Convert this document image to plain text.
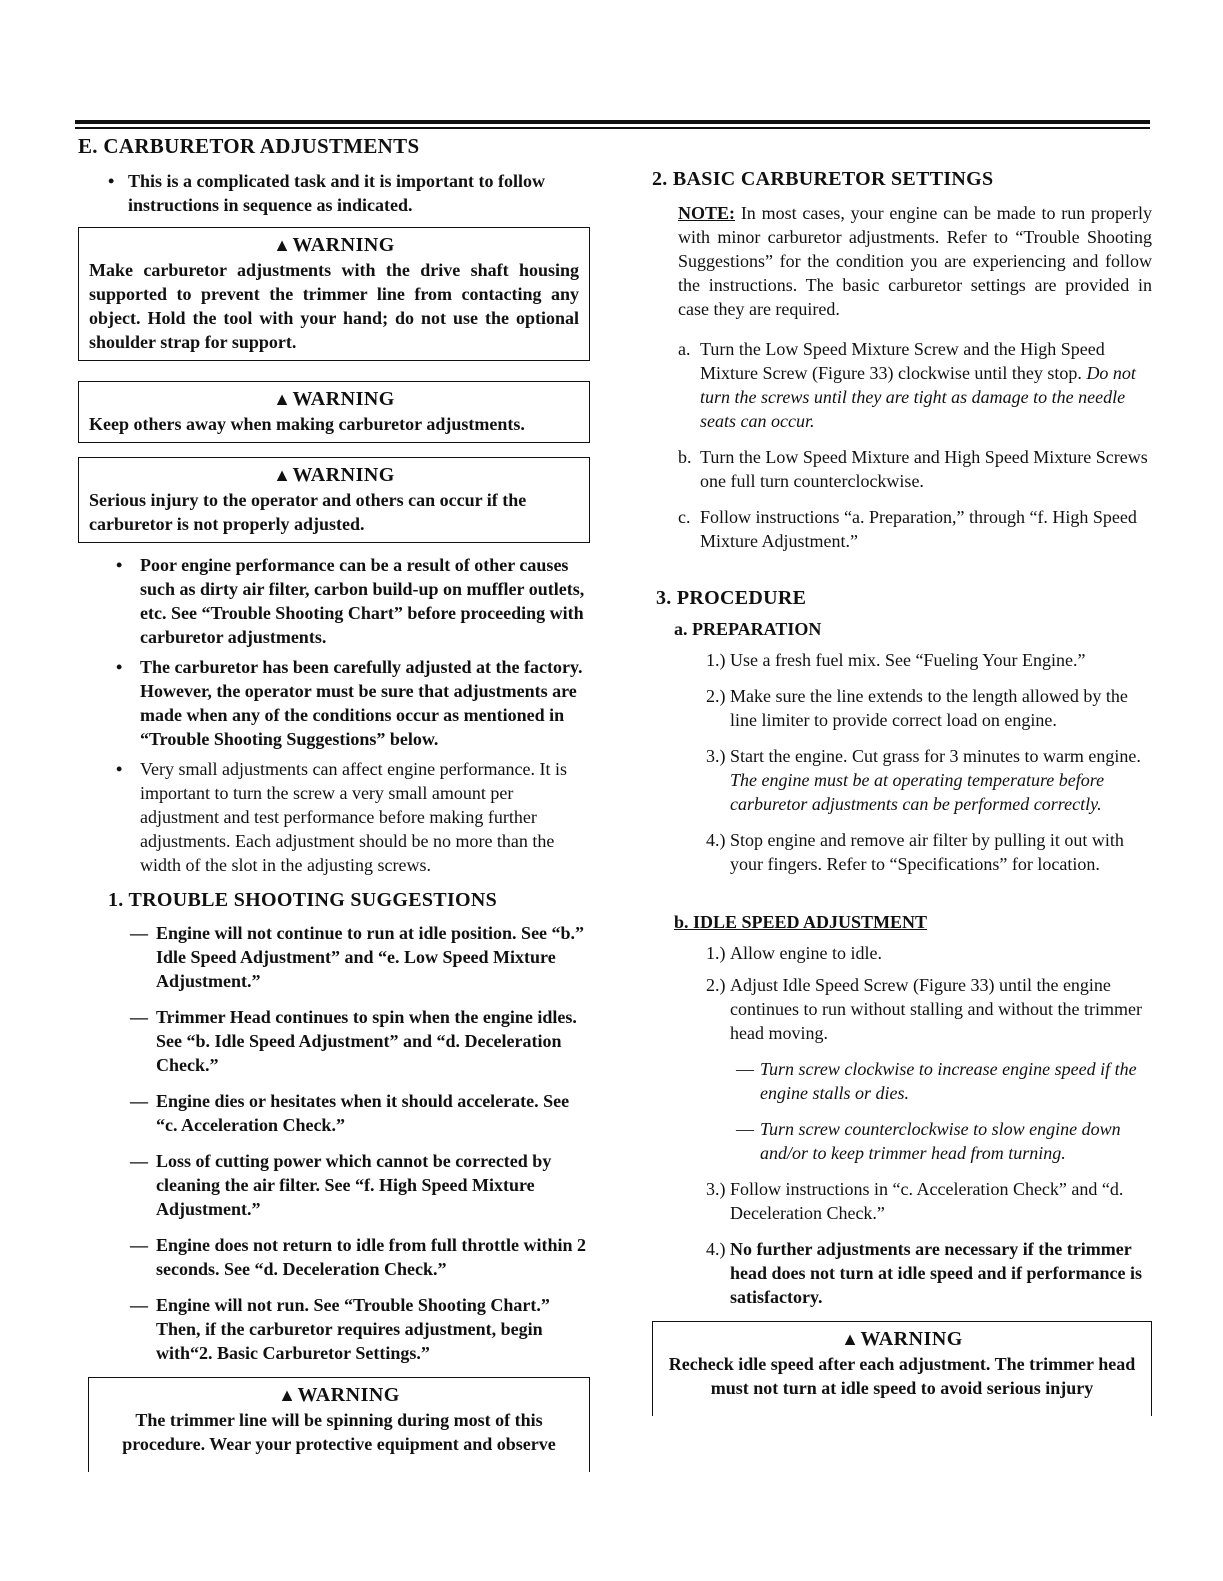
E. CARBURETOR ADJUSTMENTS
• This is a complicated task and it is important to follow instructions in sequence as indicated.
▲WARNING

Make carburetor adjustments with the drive shaft housing supported to prevent the trimmer line from contacting any object. Hold the tool with your hand; do not use the optional shoulder strap for support.

▲WARNING

Keep others away when making carburetor adjustments.

▲WARNING

Serious injury to the operator and others can occur if the carburetor is not properly adjusted.

• Poor engine performance can be a result of other causes such as dirty air filter, carbon build-up on muffler outlets, etc. See “Trouble Shooting Chart” before proceeding with carburetor adjustments.
• The carburetor has been carefully adjusted at the factory. However, the operator must be sure that adjustments are made when any of the conditions occur as mentioned in “Trouble Shooting Suggestions” below.
• Very small adjustments can affect engine performance. It is important to turn the screw a very small amount per adjustment and test performance before making further adjustments. Each adjustment should be no more than the width of the slot in the adjusting screws.
1. TROUBLE SHOOTING SUGGESTIONS
— Engine will not continue to run at idle position. See “b.” Idle Speed Adjustment” and “e. Low Speed Mixture Adjustment.”
— Trimmer Head continues to spin when the engine idles. See “b. Idle Speed Adjustment” and “d. Deceleration Check.”
— Engine dies or hesitates when it should accelerate. See “c. Acceleration Check.”
— Loss of cutting power which cannot be corrected by cleaning the air filter. See “f. High Speed Mixture Adjustment.”
— Engine does not return to idle from full throttle within 2 seconds. See “d. Deceleration Check.”
— Engine will not run. See “Trouble Shooting Chart.” Then, if the carburetor requires adjustment, begin with“2. Basic Carburetor Settings.”
▲WARNING

The trimmer line will be spinning during most of this procedure. Wear your protective equipment and observe

2. BASIC CARBURETOR SETTINGS

NOTE: In most cases, your engine can be made to run properly with minor carburetor adjustments. Refer to “Trouble Shooting Suggestions” for the condition you are experiencing and follow the instructions. The basic carburetor settings are provided in case they are required.

a. Turn the Low Speed Mixture Screw and the High Speed Mixture Screw (Figure 33) clockwise until they stop. Do not turn the screws until they are tight as damage to the needle seats can occur.
b. Turn the Low Speed Mixture and High Speed Mixture Screws one full turn counterclockwise.
c. Follow instructions “a. Preparation,” through “f. High Speed Mixture Adjustment.”
3. PROCEDURE
a. PREPARATION
1.) Use a fresh fuel mix. See “Fueling Your Engine.”
2.) Make sure the line extends to the length allowed by the line limiter to provide correct load on engine.
3.) Start the engine. Cut grass for 3 minutes to warm engine. The engine must be at operating temperature before carburetor adjustments can be performed correctly.
4.) Stop engine and remove air filter by pulling it out with your fingers. Refer to “Specifications” for location.
b. IDLE SPEED ADJUSTMENT
1.) Allow engine to idle.
2.) Adjust Idle Speed Screw (Figure 33) until the engine continues to run without stalling and without the trimmer head moving.
— Turn screw clockwise to increase engine speed if the engine stalls or dies.
— Turn screw counterclockwise to slow engine down and/or to keep trimmer head from turning.
3.) Follow instructions in “c. Acceleration Check” and “d. Deceleration Check.”
4.) No further adjustments are necessary if the trimmer head does not turn at idle speed and if performance is satisfactory.
▲WARNING

Recheck idle speed after each adjustment. The trimmer head must not turn at idle speed to avoid serious injury
